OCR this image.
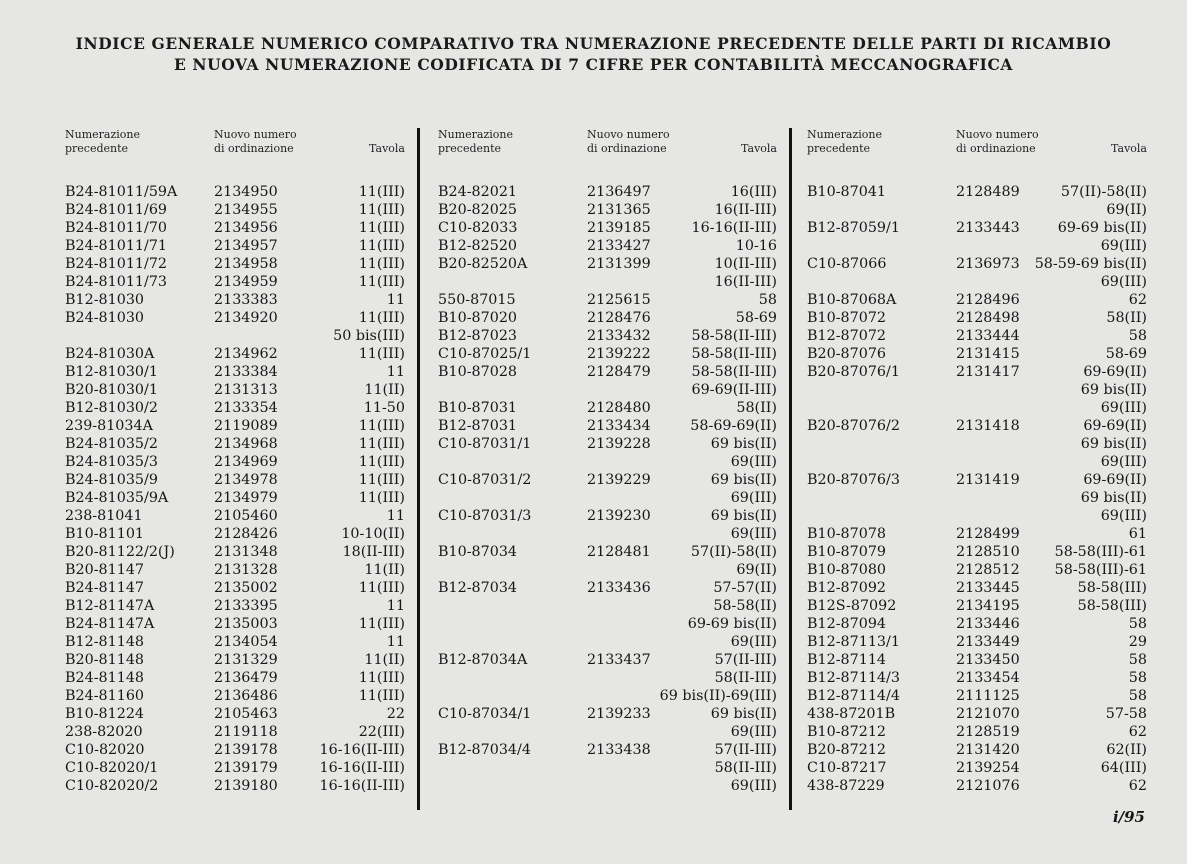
INDICE GENERALE NUMERICO COMPARATIVO TRA NUMERAZIONE PRECEDENTE DELLE PARTI DI RICAMBIO
E NUOVA NUMERAZIONE CODIFICATA DI 7 CIFRE PER CONTABILITÀ MECCANOGRAFICA
Numerazione
precedente
Nuovo numero
di ordinazione	Tavola
B24-81011/59A	2134950	11(III)
B24-81011/69	2134955	11(III)
B24-81011/70	2134956	11(III)
B24-81011/71	2134957	11(III)
B24-81011/72	2134958	11(III)
B24-81011/73	2134959	11(III)
B12-81030	2133383	11
B24-81030	2134920	11(III)
50 bis(III)
B24-81030A	2134962	11(III)
B12-81030/1	2133384	11
B20-81030/1	2131313	11(II)
B12-81030/2	2133354	11-50
239-81034A	2119089	11(III)
B24-81035/2	2134968	11(III)
B24-81035/3	2134969	11(III)
B24-81035/9	2134978	11(III)
B24-81035/9A	2134979	11(III)
238-81041	2105460	11
B10-81101	2128426	10-10(II)
B20-81122/2(J)	2131348	18(II-III)
B20-81147	2131328	11(II)
B24-81147	2135002	11(III)
B12-81147A	2133395	11
B24-81147A	2135003	11(III)
B12-81148	2134054	11
B20-81148	2131329	11(II)
B24-81148	2136479	11(III)
B24-81160	2136486	11(III)
B10-81224	2105463	22
238-82020	2119118	22(III)
C10-82020	2139178	16-16(II-III)
C10-82020/1	2139179	16-16(II-III)
C10-82020/2	2139180	16-16(II-III)
Numerazione
precedente
Nuovo numero
di ordinazione	Tavola
B24-82021	2136497	16(III)
B20-82025	2131365	16(II-III)
C10-82033	2139185	16-16(II-III)
B12-82520	2133427	10-16
B20-82520A	2131399	10(II-III)
16(II-III)
550-87015	2125615	58
B10-87020	2128476	58-69
B12-87023	2133432	58-58(II-III)
C10-87025/1	2139222	58-58(II-III)
B10-87028	2128479	58-58(II-III)
69-69(II-III)
B10-87031	2128480	58(II)
B12-87031	2133434	58-69-69(II)
C10-87031/1	2139228	69 bis(II)
69(III)
C10-87031/2	2139229	69 bis(II)
69(III)
C10-87031/3	2139230	69 bis(II)
69(III)
B10-87034	2128481	57(II)-58(II)
69(II)
B12-87034	2133436	57-57(II)
58-58(II)
69-69 bis(II)
69(III)
B12-87034A	2133437	57(II-III)
58(II-III)
69 bis(II)-69(III)
C10-87034/1	2139233	69 bis(II)
69(III)
B12-87034/4	2133438	57(II-III)
58(II-III)
69(III)
Numerazione
precedente
Nuovo numero
di ordinazione	Tavola
B10-87041	2128489	57(II)-58(II)
69(II)
B12-87059/1	2133443	69-69 bis(II)
69(III)
C10-87066	2136973 58-59-69 bis(II)
69(III)
B10-87068A	2128496	62
B10-87072	2128498	58(II)
B12-87072	2133444	58
B20-87076	2131415	58-69
B20-87076/1	2131417	69-69(II)
69 bis(II)
69(III)
B20-87076/2	2131418	69-69(II)
69 bis(II)
69(III)
B20-87076/3	2131419	69-69(II)
69 bis(II)
69(III)
B10-87078	2128499	61
B10-87079	2128510 58-58(III)-61
B10-87080	2128512 58-58(III)-61
B12-87092	2133445	58-58(III)
B12S-87092	2134195	58-58(III)
B12-87094	2133446	58
B12-87113/1	2133449	29
B12-87114	2133450	58
B12-87114/3	2133454	58
B12-87114/4	2111125	58
438-87201B	2121070	57-58
B10-87212	2128519	62
B20-87212	2131420	62(II)
C10-87217	2139254	64(III)
438-87229	2121076	62
i/95
